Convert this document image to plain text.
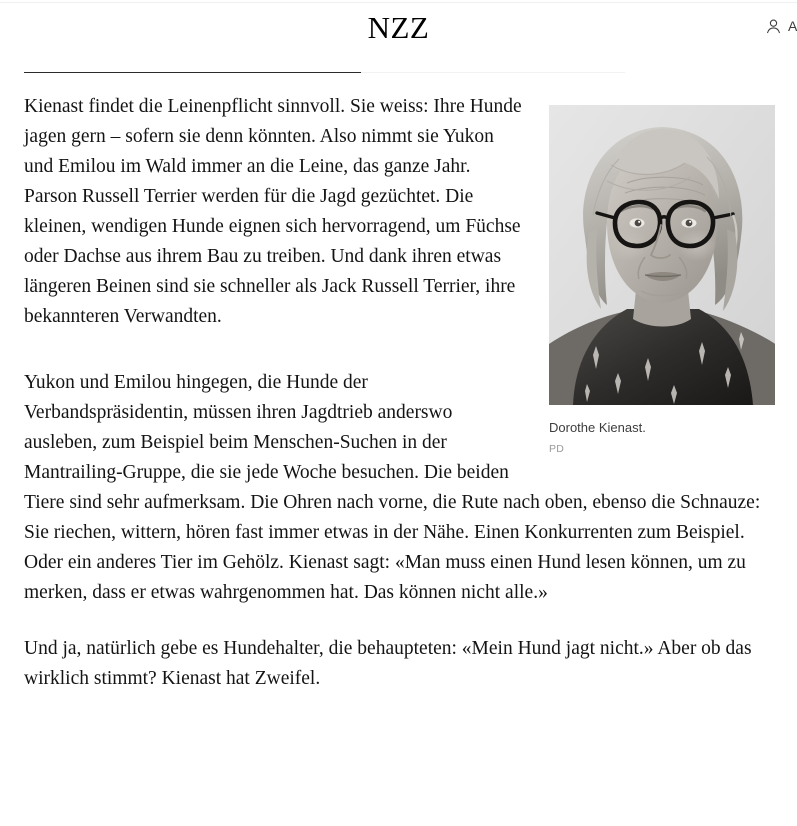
NZZ	A
Dorothe Kienast.
PD

Kienast findet die Leinenpflicht sinnvoll. Sie weiss: Ihre Hunde jagen gern – sofern sie denn könnten. Also nimmt sie Yukon und Emilou im Wald immer an die Leine, das ganze Jahr. Parson Russell Terrier werden für die Jagd gezüchtet. Die kleinen, wendigen Hunde eignen sich hervorragend, um Füchse oder Dachse aus ihrem Bau zu treiben. Und dank ihren etwas längeren Beinen sind sie schneller als Jack Russell Terrier, ihre bekannteren Verwandten.

Yukon und Emilou hingegen, die Hunde der Verbandspräsidentin, müssen ihren Jagdtrieb anderswo ausleben, zum Beispiel beim Menschen-Suchen in der Mantrailing-Gruppe, die sie jede Woche besuchen. Die beiden Tiere sind sehr aufmerksam. Die Ohren nach vorne, die Rute nach oben, ebenso die Schnauze: Sie riechen, wittern, hören fast immer etwas in der Nähe. Einen Konkurrenten zum Beispiel. Oder ein anderes Tier im Gehölz. Kienast sagt: «Man muss einen Hund lesen können, um zu merken, dass er etwas wahrgenommen hat. Das können nicht alle.»

Und ja, natürlich gebe es Hundehalter, die behaupteten: «Mein Hund jagt nicht.» Aber ob das wirklich stimmt? Kienast hat Zweifel.
